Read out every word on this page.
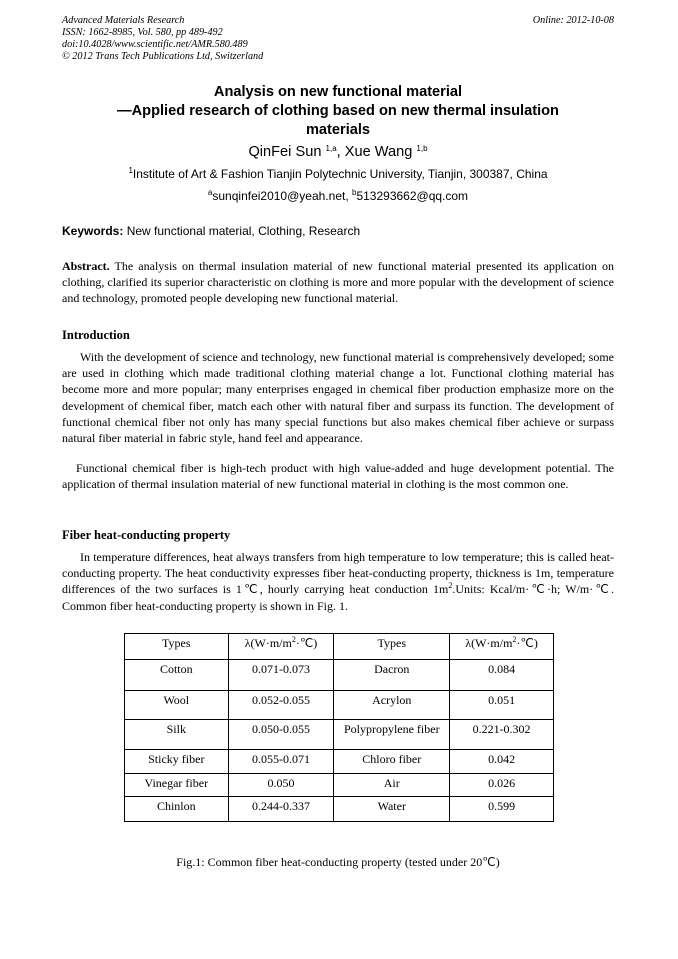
Advanced Materials Research
ISSN: 1662-8985, Vol. 580, pp 489-492
doi:10.4028/www.scientific.net/AMR.580.489
© 2012 Trans Tech Publications Ltd, Switzerland
Online: 2012-10-08
Analysis on new functional material
—Applied research of clothing based on new thermal insulation
materials
QinFei Sun $^{1,a}$, Xue Wang $^{1,b}$
$^1$Institute of Art & Fashion Tianjin Polytechnic University, Tianjin, 300387, China
$^a$sunqinfei2010@yeah.net, $^b$513293662@qq.com
Keywords: New functional material, Clothing, Research

Abstract. The analysis on thermal insulation material of new functional material presented its application on clothing, clarified its superior characteristic on clothing is more and more popular with the development of science and technology, promoted people developing new functional material.

Introduction

With the development of science and technology, new functional material is comprehensively developed; some are used in clothing which made traditional clothing material change a lot. Functional clothing material has become more and more popular; many enterprises engaged in chemical fiber production emphasize more on the development of chemical fiber, match each other with natural fiber and surpass its function. The development of functional chemical fiber not only has many special functions but also makes chemical fiber achieve or surpass natural fiber material in fabric style, hand feel and appearance.

Functional chemical fiber is high-tech product with high value-added and huge development potential. The application of thermal insulation material of new functional material in clothing is the most common one.

Fiber heat-conducting property

In temperature differences, heat always transfers from high temperature to low temperature; this is called heat-conducting property. The heat conductivity expresses fiber heat-conducting property, thickness is 1m, temperature differences of the two surfaces is 1℃, hourly carrying heat conduction $1m^2.Units$: Kcal/m·℃·h; W/m·℃. Common fiber heat-conducting property is shown in Fig. 1.

Types	$\lambda(W\cdot m/m^2\cdot℃)$	Types	$\lambda(W\cdot m/m^2\cdot℃)$
Cotton	0.071-0.073	Dacron	0.084
Wool	0.052-0.055	Acrylon	0.051
Silk	0.050-0.055	Polypropylene fiber	0.221-0.302
Sticky fiber	0.055-0.071	Chloro fiber	0.042
Vinegar fiber	0.050	Air	0.026
Chinlon	0.244-0.337	Water	0.599
Fig.1: Common fiber heat-conducting property (tested under 20℃)
